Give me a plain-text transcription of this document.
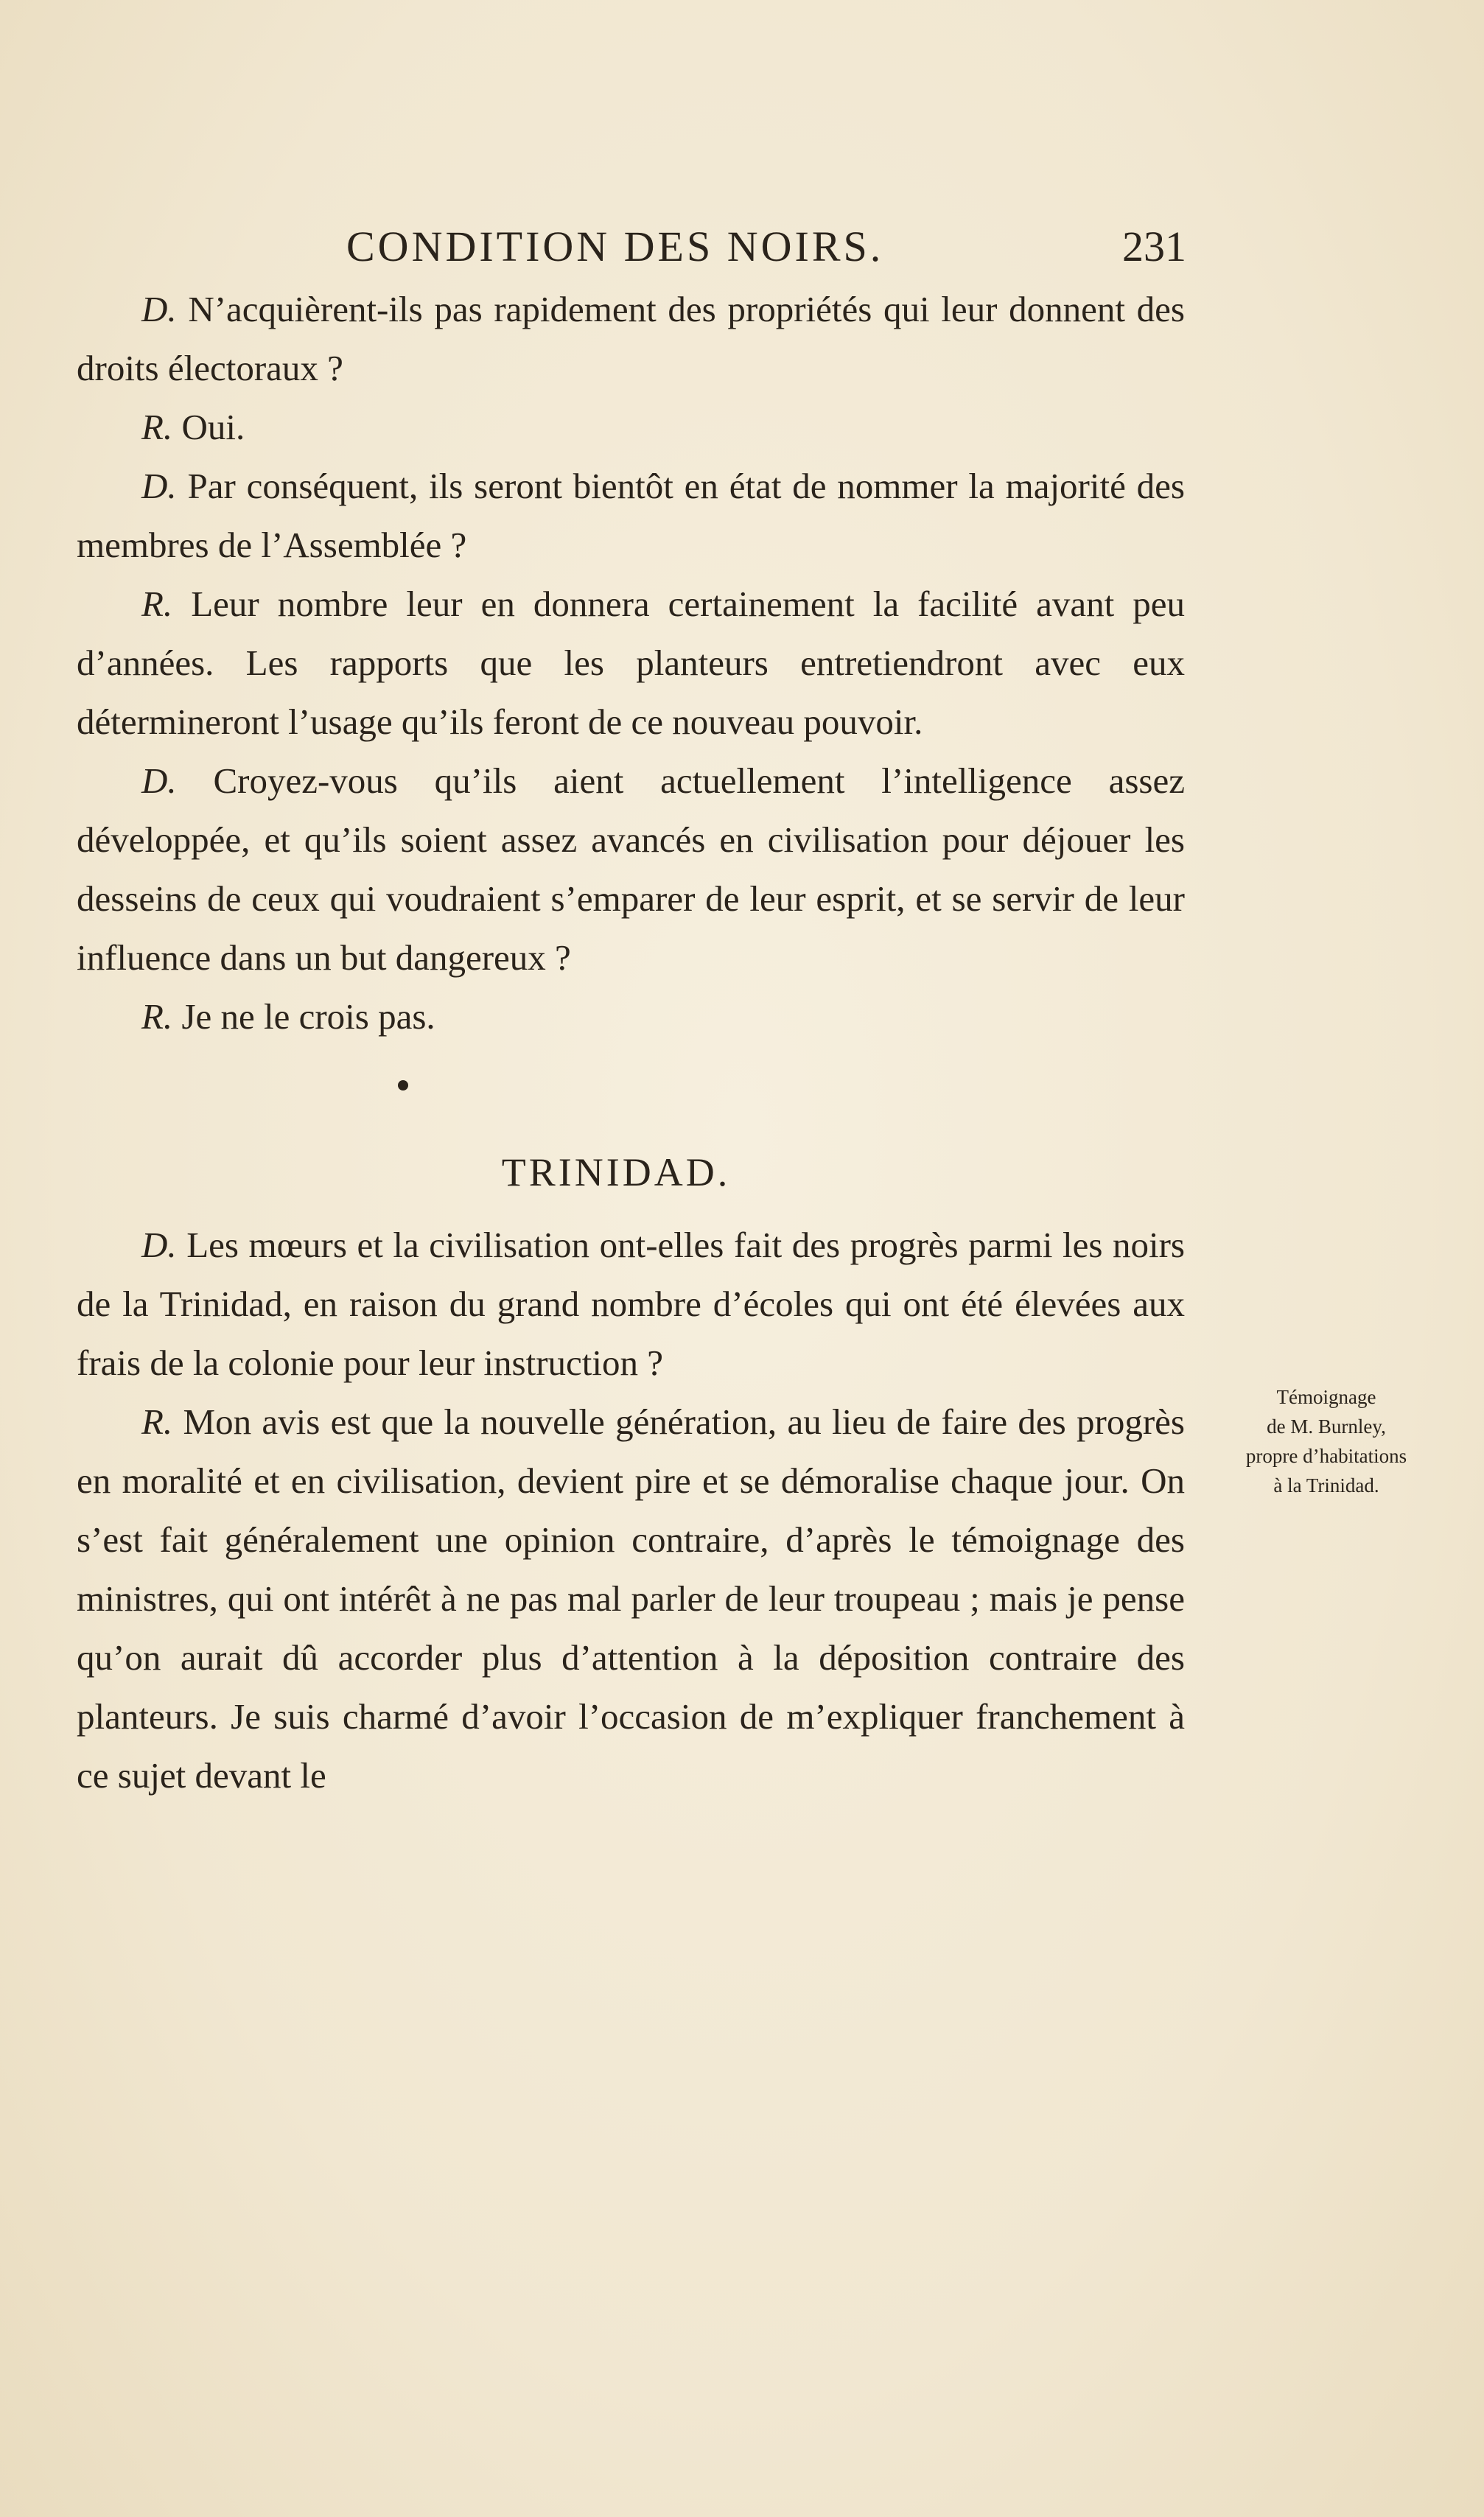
CONDITION DES NOIRS.	231

D. N’acquièrent-ils pas rapidement des propriétés qui leur donnent des droits électoraux ?

R. Oui.

D. Par conséquent, ils seront bientôt en état de nommer la majorité des membres de l’Assemblée ?

R. Leur nombre leur en donnera certainement la facilité avant peu d’années. Les rapports que les planteurs entretiendront avec eux détermineront l’usage qu’ils feront de ce nouveau pouvoir.

D. Croyez-vous qu’ils aient actuellement l’intelligence assez développée, et qu’ils soient assez avancés en civilisation pour déjouer les desseins de ceux qui voudraient s’emparer de leur esprit, et se servir de leur influence dans un but dangereux ?

R. Je ne le crois pas.

TRINIDAD.

D. Les mœurs et la civilisation ont-elles fait des progrès parmi les noirs de la Trinidad, en raison du grand nombre d’écoles qui ont été élevées aux frais de la colonie pour leur instruction ?

R. Mon avis est que la nouvelle génération, au lieu de faire des progrès en moralité et en civilisation, devient pire et se démoralise chaque jour. On s’est fait généralement une opinion contraire, d’après le témoignage des ministres, qui ont intérêt à ne pas mal parler de leur troupeau ; mais je pense qu’on aurait dû accorder plus d’attention à la déposition contraire des planteurs. Je suis charmé d’avoir l’occasion de m’expliquer franchement à ce sujet devant le

Témoignage
de M. Burnley,
propre d’habitations
à la Trinidad.
